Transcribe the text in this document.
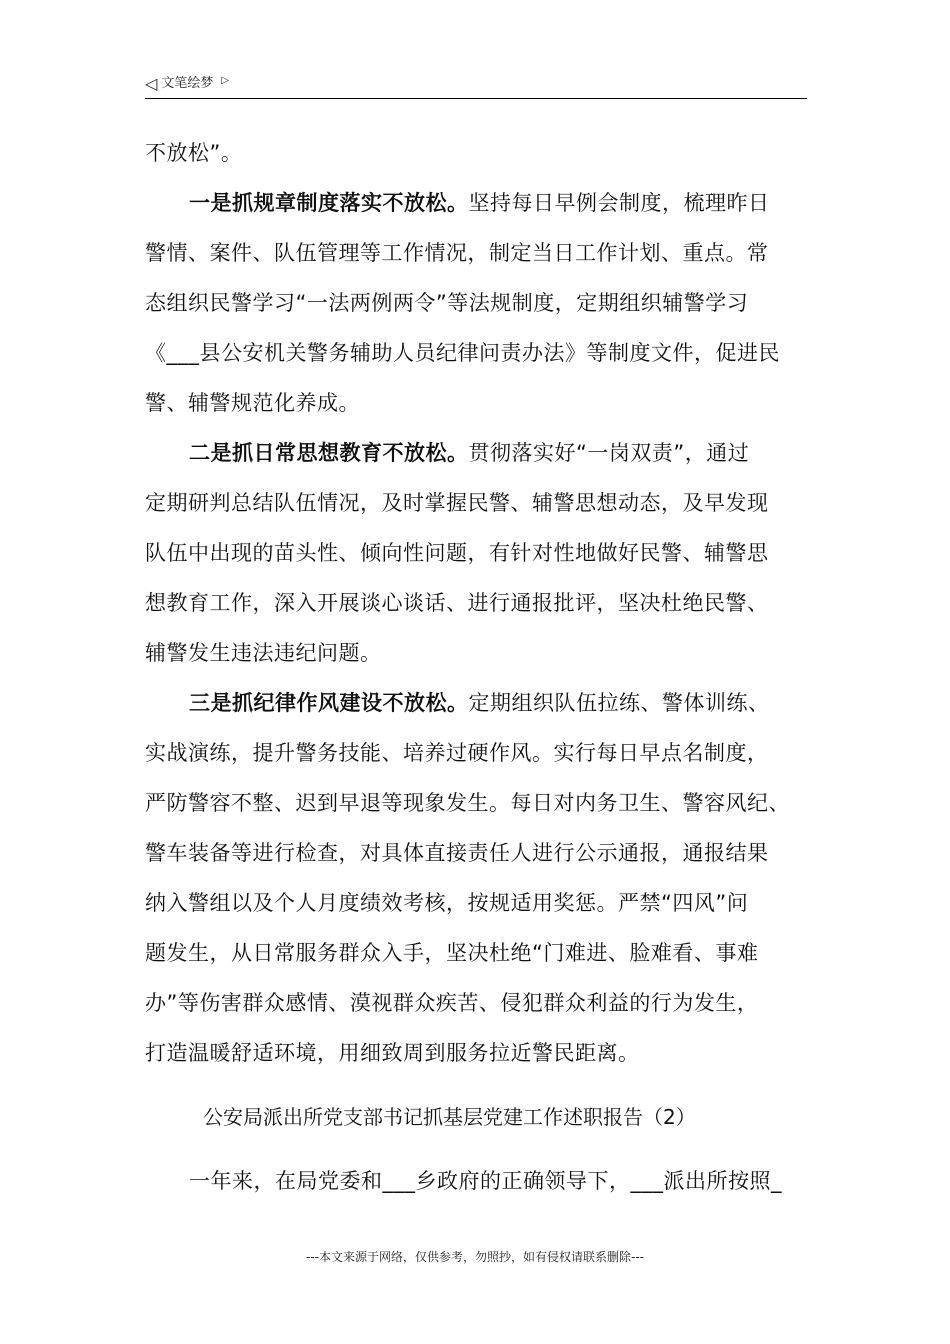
◁ 文笔绘梦 ▷

不放松”。

一是抓规章制度落实不放松。坚持每日早例会制度，梳理昨日

警情、案件、队伍管理等工作情况，制定当日工作计划、重点。常

态组织民警学习“一法两例两令”等法规制度，定期组织辅警学习

《___县公安机关警务辅助人员纪律问责办法》等制度文件，促进民

警、辅警规范化养成。

二是抓日常思想教育不放松。贯彻落实好“一岗双责”，通过

定期研判总结队伍情况，及时掌握民警、辅警思想动态，及早发现

队伍中出现的苗头性、倾向性问题，有针对性地做好民警、辅警思

想教育工作，深入开展谈心谈话、进行通报批评，坚决杜绝民警、

辅警发生违法违纪问题。

三是抓纪律作风建设不放松。定期组织队伍拉练、警体训练、

实战演练，提升警务技能、培养过硬作风。实行每日早点名制度，

严防警容不整、迟到早退等现象发生。每日对内务卫生、警容风纪、

警车装备等进行检查，对具体直接责任人进行公示通报，通报结果

纳入警组以及个人月度绩效考核，按规适用奖惩。严禁“四风”问

题发生，从日常服务群众入手，坚决杜绝“门难进、脸难看、事难

办”等伤害群众感情、漠视群众疾苦、侵犯群众利益的行为发生，

打造温暖舒适环境，用细致周到服务拉近警民距离。

公安局派出所党支部书记抓基层党建工作述职报告（2）

一年来，在局党委和___乡政府的正确领导下，___派出所按照_

---本文来源于网络，仅供参考，勿照抄，如有侵权请联系删除---
